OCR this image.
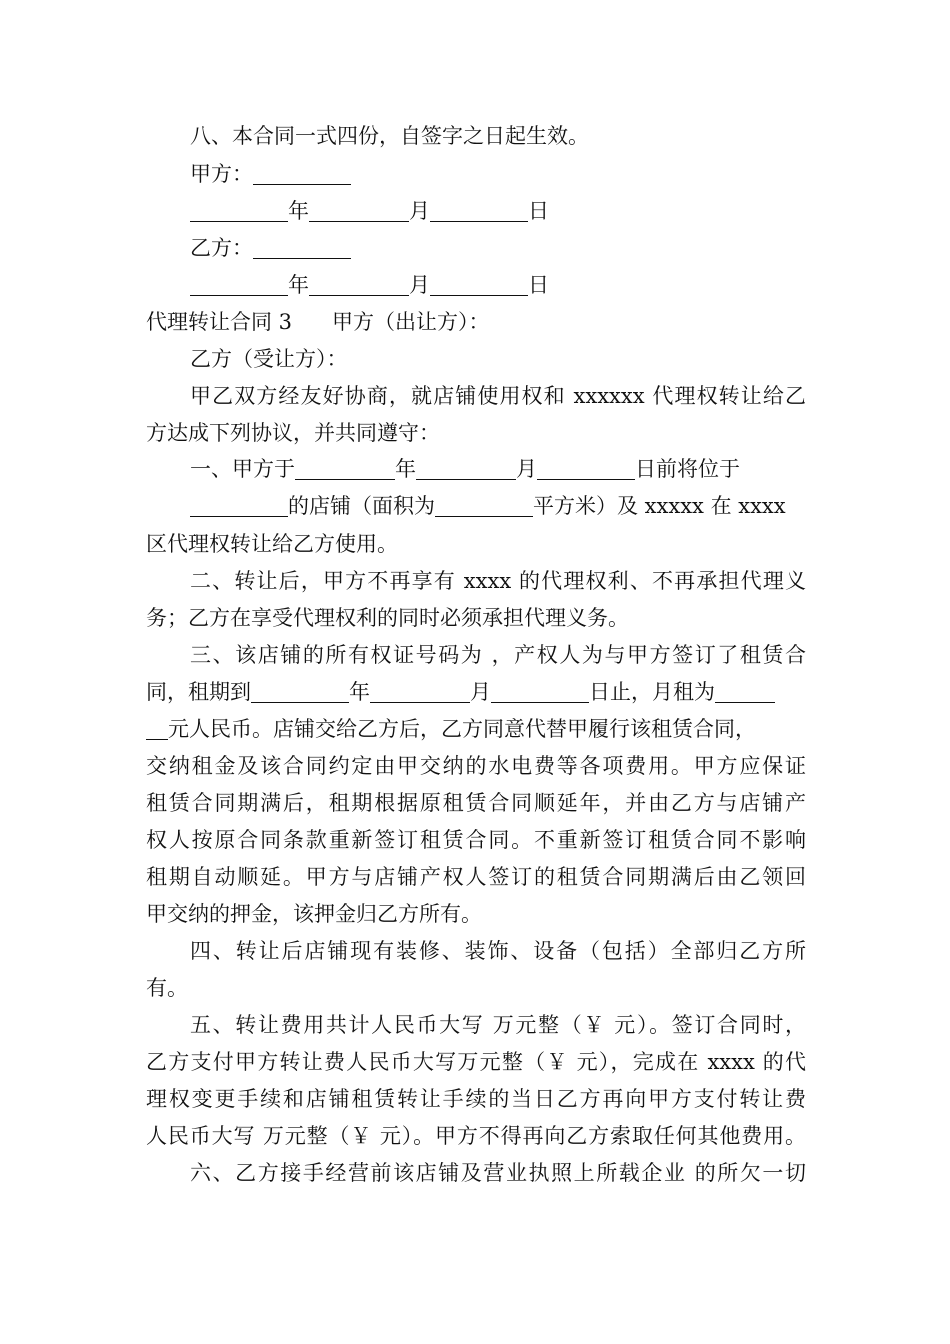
八、本合同一式四份，自签字之日起生效。
甲方：
年	月	日
乙方：
年	月	日
代理转让合同 3 甲方（出让方）：
乙方（受让方）：
甲乙双方经友好协商，就店铺使用权和 xxxxxx 代理权转让给乙
方达成下列协议，并共同遵守：
一、甲方于	年	月	日前将位于
的店铺（面积为	平方米）及 xxxxx 在 xxxx
区代理权转让给乙方使用。
二、转让后，甲方不再享有 xxxx 的代理权利、不再承担代理义
务；乙方在享受代理权利的同时必须承担代理义务。
三、该店铺的所有权证号码为 ，产权人为与甲方签订了租赁合
同，租期到	年	月	日止，月租为
元人民币。店铺交给乙方后，乙方同意代替甲履行该租赁合同，
交纳租金及该合同约定由甲交纳的水电费等各项费用。甲方应保证
租赁合同期满后，租期根据原租赁合同顺延年，并由乙方与店铺产
权人按原合同条款重新签订租赁合同。不重新签订租赁合同不影响
租期自动顺延。甲方与店铺产权人签订的租赁合同期满后由乙领回
甲交纳的押金，该押金归乙方所有。
四、转让后店铺现有装修、装饰、设备（包括）全部归乙方所
有。
五、转让费用共计人民币大写 万元整（￥ 元）。签订合同时，
乙方支付甲方转让费人民币大写万元整（￥ 元），完成在 xxxx 的代
理权变更手续和店铺租赁转让手续的当日乙方再向甲方支付转让费
人民币大写 万元整（￥ 元）。甲方不得再向乙方索取任何其他费用。
六、乙方接手经营前该店铺及营业执照上所载企业 的所欠一切
